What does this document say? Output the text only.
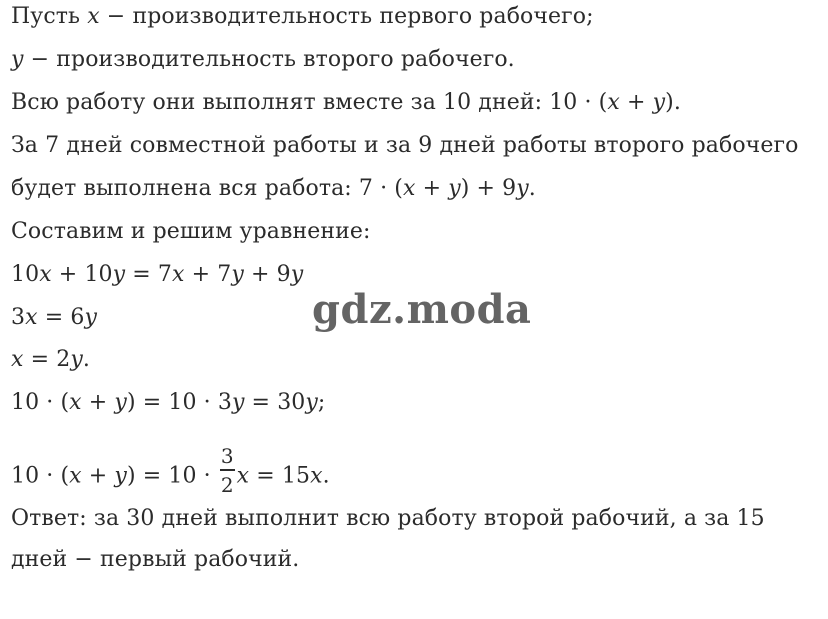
Пусть x − производительность первого рабочего;
y − производительность второго рабочего.
Всю работу они выполнят вместе за 10 дней: 10 · (x + y).
За 7 дней совместной работы и за 9 дней работы второго рабочего
будет выполнена вся работа: 7 · (x + y) + 9y.
Составим и решим уравнение:
10x + 10y = 7x + 7y + 9y
3x = 6y
x = 2y.
10 · (x + y) = 10 · 3y = 30y;
$10 \cdot (x + y) = 10 \cdot \frac{3}{2}$ x = 15x.
Ответ: за 30 дней выполнит всю работу второй рабочий, а за 15
дней − первый рабочий.
gdz.moda
